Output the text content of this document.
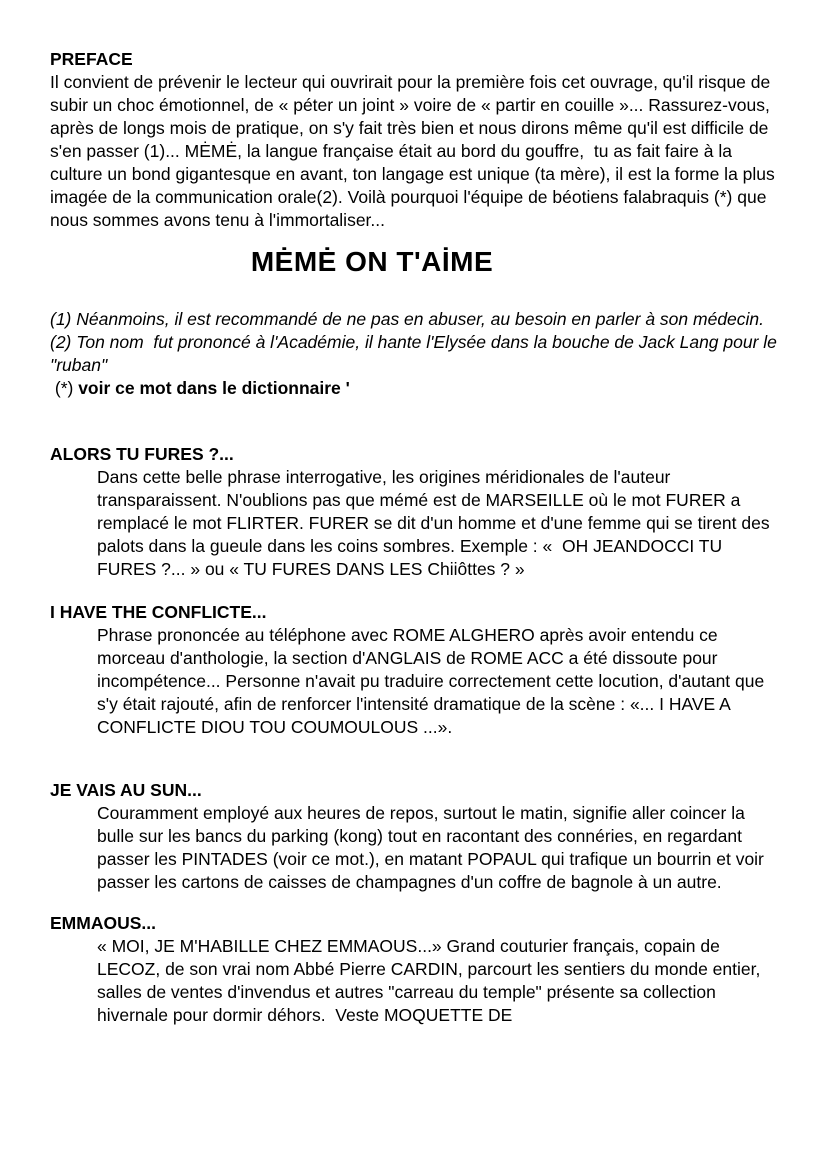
PREFACE

Il convient de prévenir le lecteur qui ouvrirait pour la première fois cet ouvrage, qu'il risque de subir un choc émotionnel, de « péter un joint » voire de « partir en couille »... Rassurez-vous, après de longs mois de pratique, on s'y fait très bien et nous dirons même qu'il est difficile de s'en passer (1)... MĖMĖ, la langue française était au bord du gouffre,  tu as fait faire à la culture un bond gigantesque en avant, ton langage est unique (ta mère), il est la forme la plus imagée de la communication orale(2). Voilà pourquoi l'équipe de béotiens falabraquis (*) que nous sommes avons tenu à l'immortaliser...

MĖMĖ ON T'AİME

(1) Néanmoins, il est recommandé de ne pas en abuser, au besoin en parler à son médecin.

(2) Ton nom  fut prononcé à l'Académie, il hante l'Elysée dans la bouche de Jack Lang pour le "ruban"

(*) voir ce mot dans le dictionnaire '

ALORS TU FURES ?...

Dans cette belle phrase interrogative, les origines méridionales de l'auteur transparaissent. N'oublions pas que mémé est de MARSEILLE où le mot FURER a remplacé le mot FLIRTER. FURER se dit d'un homme et d'une femme qui se tirent des palots dans la gueule dans les coins sombres. Exemple : «  OH JEANDOCCI TU FURES ?... » ou « TU FURES DANS LES Chiiôttes ? »

I HAVE THE CONFLICTE...

Phrase prononcée au téléphone avec ROME ALGHERO après avoir entendu ce morceau d'anthologie, la section d'ANGLAIS de ROME ACC a été dissoute pour incompétence... Personne n'avait pu traduire correctement cette locution, d'autant que s'y était rajouté, afin de renforcer l'intensité dramatique de la scène : «... I HAVE A CONFLICTE DIOU TOU COUMOULOUS ...».

JE VAIS AU SUN...

Couramment employé aux heures de repos, surtout le matin, signifie aller coincer la bulle sur les bancs du parking (kong) tout en racontant des connéries, en regardant passer les PINTADES (voir ce mot.), en matant POPAUL qui trafique un bourrin et voir passer les cartons de caisses de champagnes d'un coffre de bagnole à un autre.

EMMAOUS...

« MOI, JE M'HABILLE CHEZ EMMAOUS...» Grand couturier français, copain de LECOZ, de son vrai nom Abbé Pierre CARDIN, parcourt les sentiers du monde entier, salles de ventes d'invendus et autres "carreau du temple" présente sa collection hivernale pour dormir déhors.  Veste MOQUETTE DE
